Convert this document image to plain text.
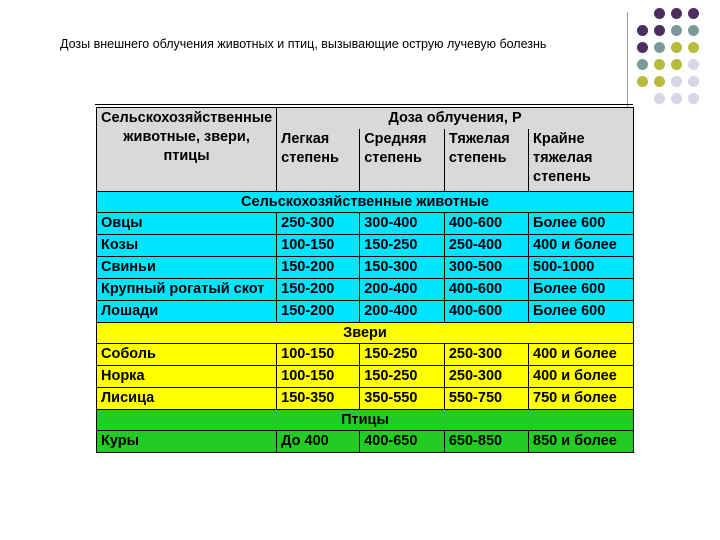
Дозы внешнего облучения животных и птиц, вызывающие острую лучевую болезнь
Сельскохозяйственные животные, звери, птицы	Доза облучения, Р			
	Легкая степень	Средняя степень	Тяжелая степень	Крайне тяжелая степень
Сельскохозяйственные животные				
Овцы	250-300	300-400	400-600	Более 600
Козы	100-150	150-250	250-400	400 и более
Свиньи	150-200	150-300	300-500	500-1000
Крупный рогатый скот	150-200	200-400	400-600	Более 600
Лошади	150-200	200-400	400-600	Более 600
Звери				
Соболь	100-150	150-250	250-300	400 и более
Норка	100-150	150-250	250-300	400 и более
Лисица	150-350	350-550	550-750	750 и более
Птицы				
Куры	До 400	400-650	650-850	850 и более
